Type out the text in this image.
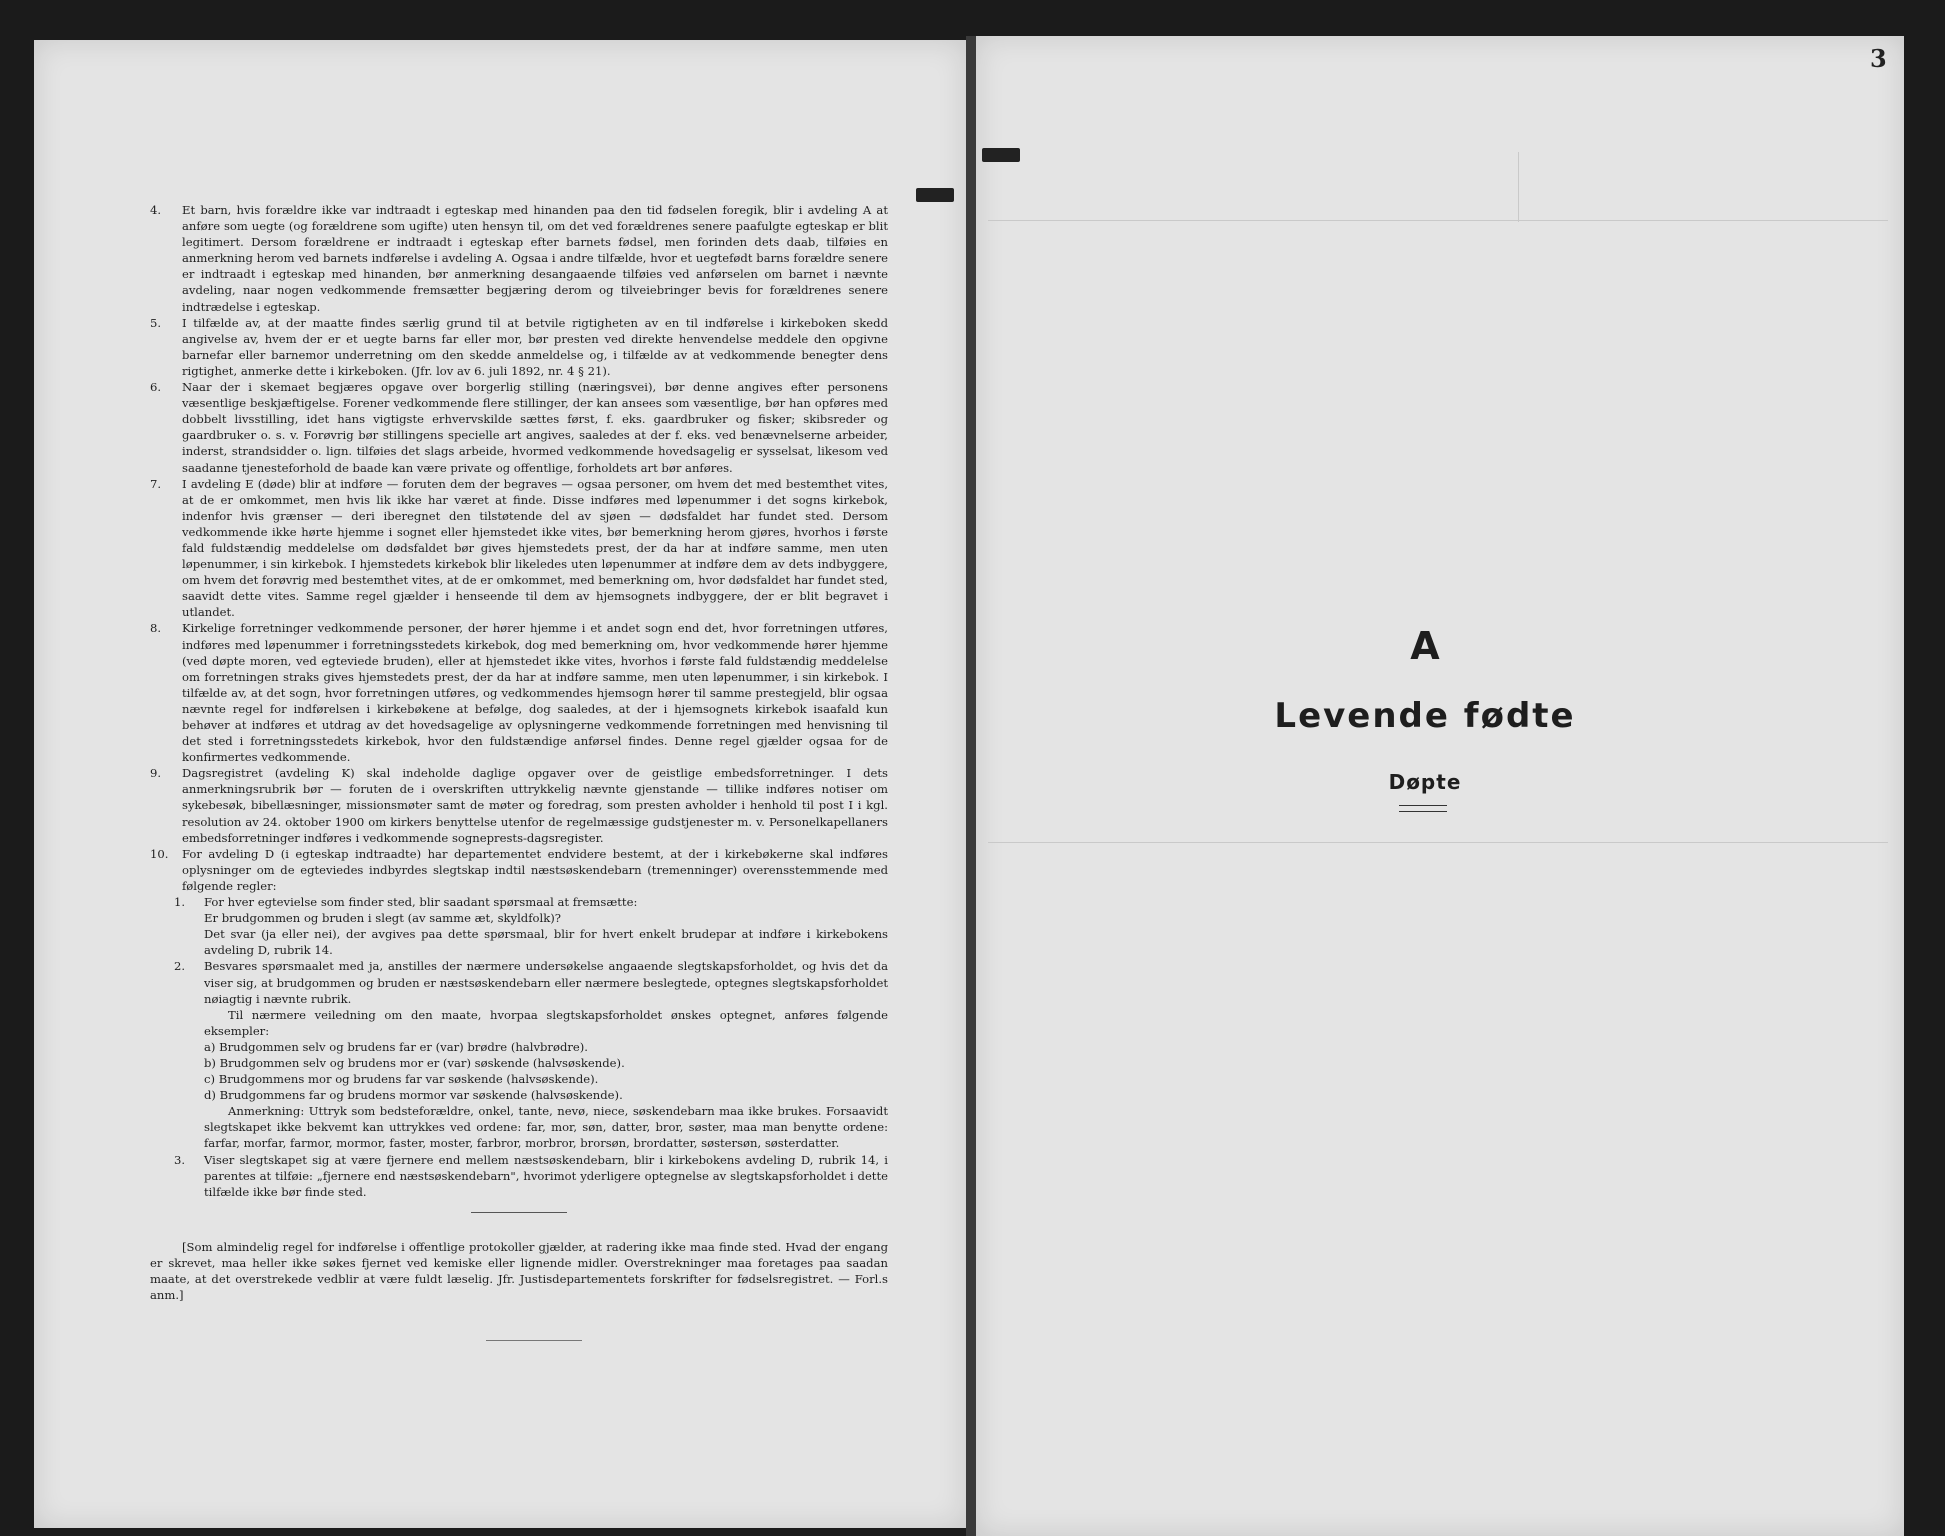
4. Et barn, hvis forældre ikke var indtraadt i egteskap med hinanden paa den tid fødselen foregik, blir i avdeling A at anføre som uegte (og forældrene som ugifte) uten hensyn til, om det ved forældrenes senere paafulgte egteskap er blit legitimert. Dersom forældrene er indtraadt i egteskap efter barnets fødsel, men forinden dets daab, tilføies en anmerkning herom ved barnets indførelse i avdeling A. Ogsaa i andre tilfælde, hvor et uegtefødt barns forældre senere er indtraadt i egteskap med hinanden, bør anmerkning desangaaende tilføies ved anførselen om barnet i nævnte avdeling, naar nogen vedkommende fremsætter begjæring derom og tilveiebringer bevis for forældrenes senere indtrædelse i egteskap.

5. I tilfælde av, at der maatte findes særlig grund til at betvile rigtigheten av en til indførelse i kirkeboken skedd angivelse av, hvem der er et uegte barns far eller mor, bør presten ved direkte henvendelse meddele den opgivne barnefar eller barnemor underretning om den skedde anmeldelse og, i tilfælde av at vedkommende benegter dens rigtighet, anmerke dette i kirkeboken. (Jfr. lov av 6. juli 1892, nr. 4 § 21).

6. Naar der i skemaet begjæres opgave over borgerlig stilling (næringsvei), bør denne angives efter personens væsentlige beskjæftigelse. Forener vedkommende flere stillinger, der kan ansees som væsentlige, bør han opføres med dobbelt livsstilling, idet hans vigtigste erhvervskilde sættes først, f. eks. gaardbruker og fisker; skibsreder og gaardbruker o. s. v. Forøvrig bør stillingens specielle art angives, saaledes at der f. eks. ved benævnelserne arbeider, inderst, strandsidder o. lign. tilføies det slags arbeide, hvormed vedkommende hovedsagelig er sysselsat, likesom ved saadanne tjenesteforhold de baade kan være private og offentlige, forholdets art bør anføres.

7. I avdeling E (døde) blir at indføre — foruten dem der begraves — ogsaa personer, om hvem det med bestemthet vites, at de er omkommet, men hvis lik ikke har været at finde. Disse indføres med løpenummer i det sogns kirkebok, indenfor hvis grænser — deri iberegnet den tilstøtende del av sjøen — dødsfaldet har fundet sted. Dersom vedkommende ikke hørte hjemme i sognet eller hjemstedet ikke vites, bør bemerkning herom gjøres, hvorhos i første fald fuldstændig meddelelse om dødsfaldet bør gives hjemstedets prest, der da har at indføre samme, men uten løpenummer, i sin kirkebok. I hjemstedets kirkebok blir likeledes uten løpenummer at indføre dem av dets indbyggere, om hvem det forøvrig med bestemthet vites, at de er omkommet, med bemerkning om, hvor dødsfaldet har fundet sted, saavidt dette vites. Samme regel gjælder i henseende til dem av hjemsognets indbyggere, der er blit begravet i utlandet.

8. Kirkelige forretninger vedkommende personer, der hører hjemme i et andet sogn end det, hvor forretningen utføres, indføres med løpenummer i forretningsstedets kirkebok, dog med bemerkning om, hvor vedkommende hører hjemme (ved døpte moren, ved egteviede bruden), eller at hjemstedet ikke vites, hvorhos i første fald fuldstændig meddelelse om forretningen straks gives hjemstedets prest, der da har at indføre samme, men uten løpenummer, i sin kirkebok. I tilfælde av, at det sogn, hvor forretningen utføres, og vedkommendes hjemsogn hører til samme prestegjeld, blir ogsaa nævnte regel for indførelsen i kirkebøkene at befølge, dog saaledes, at der i hjemsognets kirkebok isaafald kun behøver at indføres et utdrag av det hovedsagelige av oplysningerne vedkommende forretningen med henvisning til det sted i forretningsstedets kirkebok, hvor den fuldstændige anførsel findes. Denne regel gjælder ogsaa for de konfirmertes vedkommende.

9. Dagsregistret (avdeling K) skal indeholde daglige opgaver over de geistlige embedsforretninger. I dets anmerkningsrubrik bør — foruten de i overskriften uttrykkelig nævnte gjenstande — tillike indføres notiser om sykebesøk, bibellæsninger, missionsmøter samt de møter og foredrag, som presten avholder i henhold til post I i kgl. resolution av 24. oktober 1900 om kirkers benyttelse utenfor de regelmæssige gudstjenester m. v. Personelkapellaners embedsforretninger indføres i vedkommende sogneprests-dagsregister.

10. For avdeling D (i egteskap indtraadte) har departementet endvidere bestemt, at der i kirkebøkerne skal indføres oplysninger om de egteviedes indbyrdes slegtskap indtil næstsøskendebarn (tremenninger) overensstemmende med følgende regler:

1. For hver egtevielse som finder sted, blir saadant spørsmaal at fremsætte:
Er brudgommen og bruden i slegt (av samme æt, skyldfolk)?
Det svar (ja eller nei), der avgives paa dette spørsmaal, blir for hvert enkelt brudepar at indføre i kirkebokens avdeling D, rubrik 14.
2. Besvares spørsmaalet med ja, anstilles der nærmere undersøkelse angaaende slegtskapsforholdet, og hvis det da viser sig, at brudgommen og bruden er næstsøskendebarn eller nærmere beslegtede, optegnes slegtskapsforholdet nøiagtig i nævnte rubrik.
Til nærmere veiledning om den maate, hvorpaa slegtskapsforholdet ønskes optegnet, anføres følgende eksempler:
a) Brudgommen selv og brudens far er (var) brødre (halvbrødre).
b) Brudgommen selv og brudens mor er (var) søskende (halvsøskende).
c) Brudgommens mor og brudens far var søskende (halvsøskende).
d) Brudgommens far og brudens mormor var søskende (halvsøskende).
Anmerkning: Uttryk som bedsteforældre, onkel, tante, nevø, niece, søskendebarn maa ikke brukes. Forsaavidt slegtskapet ikke bekvemt kan uttrykkes ved ordene: far, mor, søn, datter, bror, søster, maa man benytte ordene: farfar, morfar, farmor, mormor, faster, moster, farbror, morbror, brorsøn, brordatter, søstersøn, søsterdatter.
3. Viser slegtskapet sig at være fjernere end mellem næstsøskendebarn, blir i kirkebokens avdeling D, rubrik 14, i parentes at tilføie: „fjernere end næstsøskendebarn", hvorimot yderligere optegnelse av slegtskapsforholdet i dette tilfælde ikke bør finde sted.

[Som almindelig regel for indførelse i offentlige protokoller gjælder, at radering ikke maa finde sted. Hvad der engang er skrevet, maa heller ikke søkes fjernet ved kemiske eller lignende midler. Overstrekninger maa foretages paa saadan maate, at det overstrekede vedblir at være fuldt læselig. Jfr. Justisdepartementets forskrifter for fødselsregistret. — Forl.s anm.]

3
A
Levende fødte
Døpte
